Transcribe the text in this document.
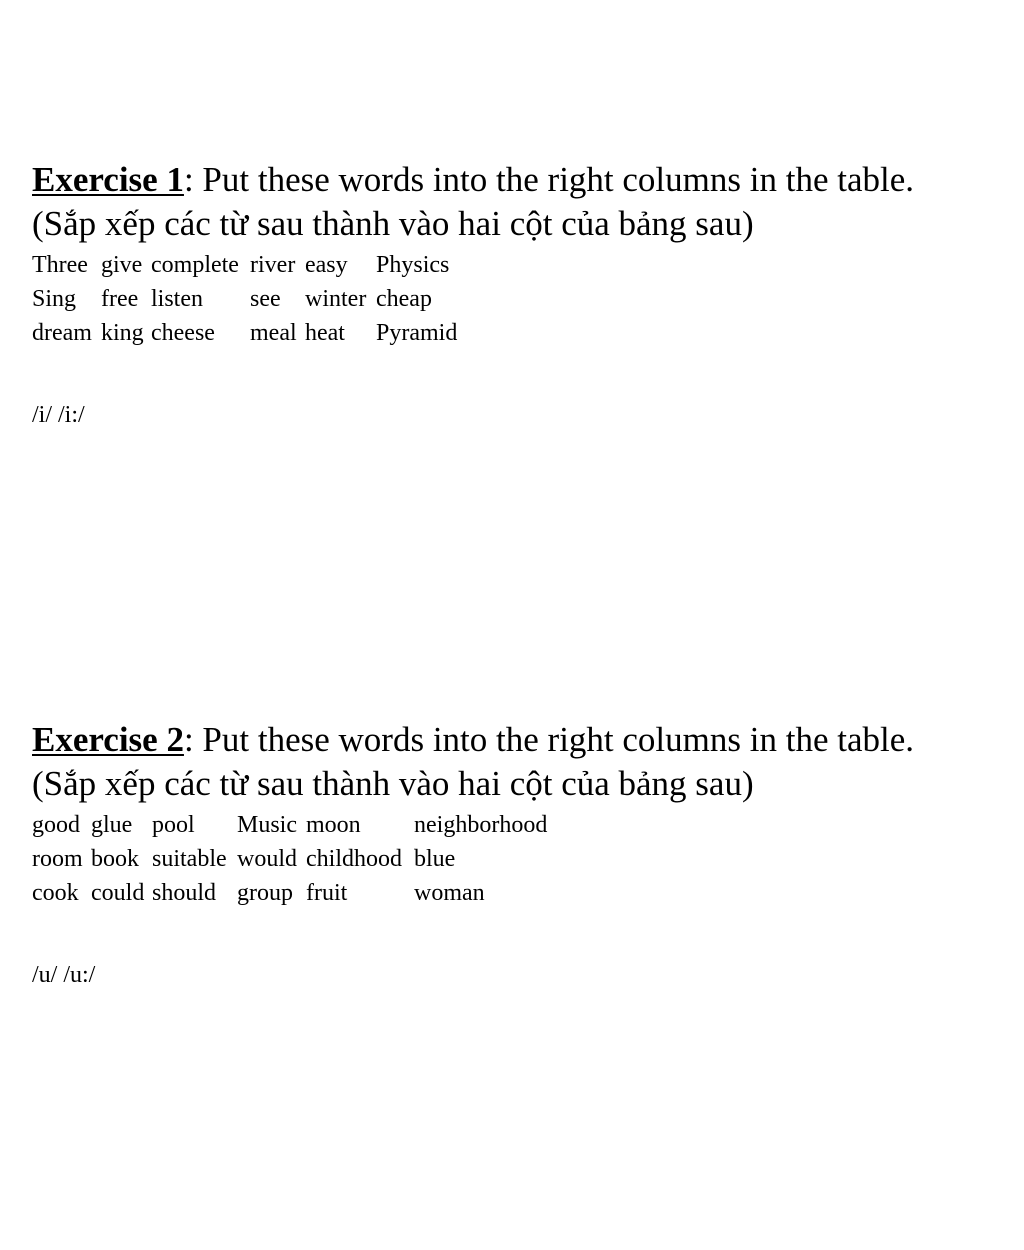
Exercise 1: Put these words into the right columns in the table.

(Sắp xếp các từ sau thành vào hai cột của bảng sau)

Three	give	complete	river	easy	Physics
Sing	free	listen	see	winter	cheap
dream	king	cheese	meal	heat	Pyramid

/i/ /i:/

Exercise 2: Put these words into the right columns in the table.

(Sắp xếp các từ sau thành vào hai cột của bảng sau)

good	glue	pool	Music	moon	neighborhood
room	book	suitable	would	childhood	blue
cook	could	should	group	fruit	woman

/u/ /u:/
